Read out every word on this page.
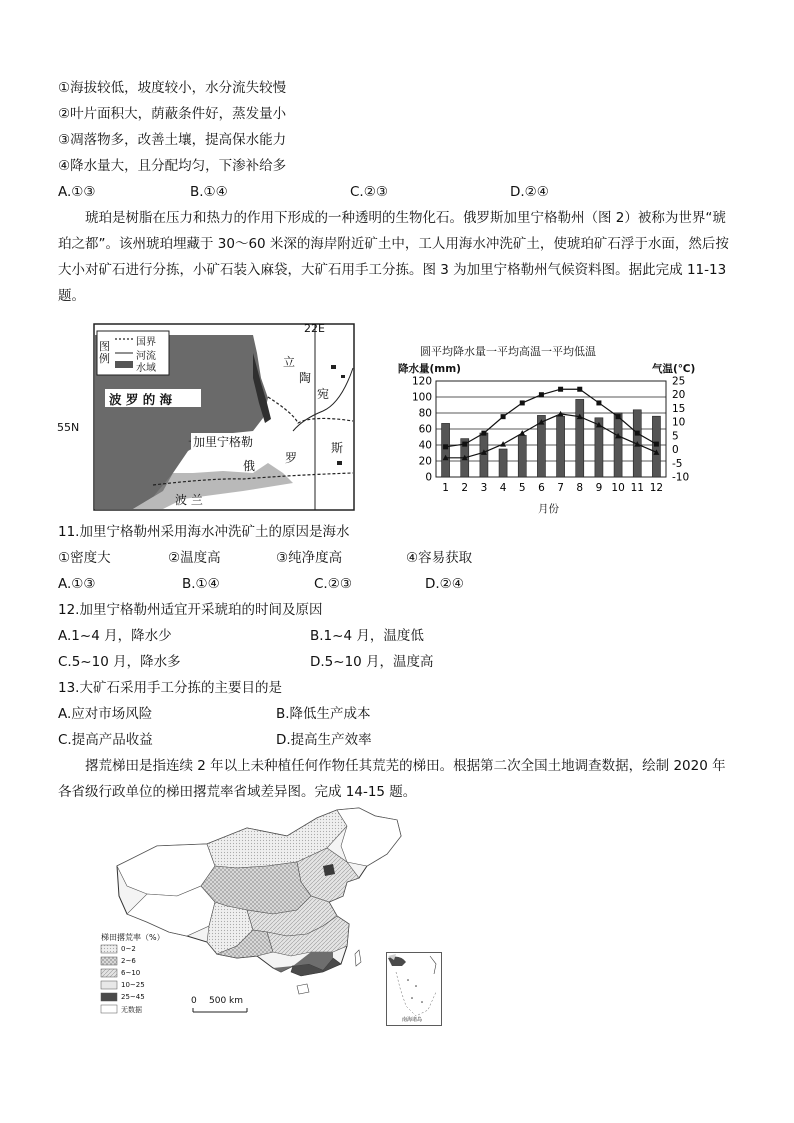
①海拔较低，坡度较小，水分流失较慢
②叶片面积大，荫蔽条件好，蒸发量小
③凋落物多，改善土壤，提高保水能力
④降水量大，且分配均匀，下渗补给多
A.①③	B.①④	C.②③	D.②④
琥珀是树脂在压力和热力的作用下形成的一种透明的生物化石。俄罗斯加里宁格勒州（图 2）被称为世界“琥
珀之都”。该州琥珀埋藏于 30～60 米深的海岸附近矿土中，工人用海水冲洗矿土，使琥珀矿石浮于水面，然后按
大小对矿石进行分拣，小矿石装入麻袋，大矿石用手工分拣。图 3 为加里宁格勒州气候资料图。据此完成 11-13
题。
22E
55N
图例
国界
河流
水域
波 罗 的 海
加里宁格勒
立
陶
宛
俄
罗
斯
波 兰
圆平均降水量一平均高温一平均低温
降水量(mm)	气温(℃)
0
20
40
60
80
100
120
-10
-5
0
5
10
15
20
25
1 2 3 4 5 6 7 8 9 10 11 12
月份
11.加里宁格勒州采用海水冲洗矿土的原因是海水
①密度大	②温度高	③纯净度高	④容易获取
A.①③	B.①④	C.②③	D.②④
12.加里宁格勒州适宜开采琥珀的时间及原因
A.1~4 月，降水少	B.1~4 月，温度低
C.5~10 月，降水多	D.5~10 月，温度高
13.大矿石采用手工分拣的主要目的是
A.应对市场风险	B.降低生产成本
C.提高产品收益	D.提高生产效率
撂荒梯田是指连续 2 年以上未种植任何作物任其荒芜的梯田。根据第二次全国土地调查数据，绘制 2020 年
各省级行政单位的梯田撂荒率省域差异图。完成 14-15 题。
梯田撂荒率（%）
0~2
2~6
6~10
10~25
25~45
无数据
0 500 km
南海诸岛
